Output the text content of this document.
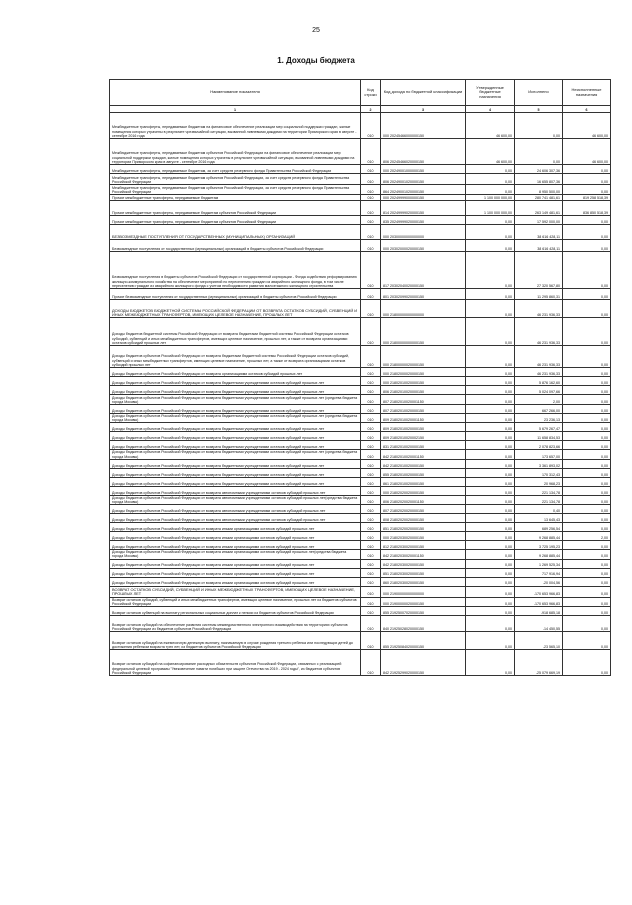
25
1. Доходы бюджета
Наименование показателя	Код строки	Код дохода по бюджетной классификации	Утвержденные бюджетные назначения	Исполнено	Неисполненные назначения
1	2	3	4	5	6
Межбюджетные трансферты, передаваемые бюджетам на финансовое обеспечение реализации мер социальной поддержки граждан, жилые помещения которых утрачены в результате чрезвычайной ситуации, вызванной ливневыми дождями на территории Приморского края в августе - сентябре 2016 года	010	000 20245466000000150	46 600,00	0,00	46 600,00
Межбюджетные трансферты, передаваемые бюджетам субъектов Российской Федерации на финансовое обеспечение реализации мер социальной поддержки граждан, жилые помещения которых утрачены в результате чрезвычайной ситуации, вызванной ливневыми дождями на территории Приморского края в августе - сентябре 2016 года	010	806 20245466020000150	46 600,00	0,00	46 600,00
Межбюджетные трансферты, передаваемые бюджетам, за счет средств резервного фонда Правительства Российской Федерации	010	000 20249001000000150	0,00	24 606 307,36	0,00
Межбюджетные трансферты, передаваемые бюджетам субъектов Российской Федерации, за счет средств резервного фонда Правительства Российской Федерации	010	806 20249001020000150	0,00	16 655 807,36	0,00
Межбюджетные трансферты, передаваемые бюджетам субъектов Российской Федерации, за счет средств резервного фонда Правительства Российской Федерации	010	864 20249001020000150	0,00	8 950 500,00	0,00
Прочие межбюджетные трансферты, передаваемые бюджетам	010	000 20249999000000150	1 100 000 000,00	280 741 481,61	819 258 518,39
Прочие межбюджетные трансферты, передаваемые бюджетам субъектов Российской Федерации	010	814 20249999020000150	1 100 000 000,00	263 149 481,61	836 850 518,39
Прочие межбюджетные трансферты, передаваемые бюджетам субъектов Российской Федерации	010	835 20249999020000150	0,00	17 592 000,00	0,00
БЕЗВОЗМЕЗДНЫЕ ПОСТУПЛЕНИЯ ОТ ГОСУДАРСТВЕННЫХ (МУНИЦИПАЛЬНЫХ) ОРГАНИЗАЦИЙ	010	000 20300000000000000	0,00	38 616 428,11	0,00
Безвозмездные поступления от государственных (муниципальных) организаций в бюджеты субъектов Российской Федерации	010	000 20302000020000150	0,00	38 616 428,11	0,00
Безвозмездные поступления в бюджеты субъектов Российской Федерации от государственной корпорации - Фонда содействия реформированию жилищно-коммунального хозяйства на обеспечение мероприятий по переселению граждан из аварийного жилищного фонда, в том числе переселению граждан из аварийного жилищного фонда с учетом необходимости развития малоэтажного жилищного строительства	010	817 20302040020000150	0,00	27 320 567,80	0,00
Прочие безвозмездные поступления от государственных (муниципальных) организаций в бюджеты субъектов Российской Федерации	010	801 20302099020000150	0,00	11 295 860,31	0,00
ДОХОДЫ БЮДЖЕТОВ БЮДЖЕТНОЙ СИСТЕМЫ РОССИЙСКОЙ ФЕДЕРАЦИИ ОТ ВОЗВРАТА ОСТАТКОВ СУБСИДИЙ, СУБВЕНЦИЙ И ИНЫХ МЕЖБЮДЖЕТНЫХ ТРАНСФЕРТОВ, ИМЕЮЩИХ ЦЕЛЕВОЕ НАЗНАЧЕНИЕ, ПРОШЛЫХ ЛЕТ	010	000 21800000000000000	0,00	46 231 936,33	0,00
Доходы бюджетов бюджетной системы Российской Федерации от возврата бюджетами бюджетной системы Российской Федерации остатков субсидий, субвенций и иных межбюджетных трансфертов, имеющих целевое назначение, прошлых лет, а также от возврата организациями остатков субсидий прошлых лет	010	000 21800000000000150	0,00	46 231 936,33	0,00
Доходы бюджетов субъектов Российской Федерации от возврата бюджетами бюджетной системы Российской Федерации остатков субсидий, субвенций и иных межбюджетных трансфертов, имеющих целевое назначение, прошлых лет, а также от возврата организациями остатков субсидий прошлых лет	010	000 21800000020000150	0,00	46 231 936,33	0,00
Доходы бюджетов субъектов Российской Федерации от возврата организациями остатков субсидий прошлых лет	010	000 21802000020000150	0,00	46 231 936,33	0,00
Доходы бюджетов субъектов Российской Федерации от возврата бюджетными учреждениями остатков субсидий прошлых лет	010	000 21802010020000150	0,00	5 876 162,60	0,00
Доходы бюджетов субъектов Российской Федерации от возврата бюджетными учреждениями остатков субсидий прошлых лет	010	806 21802010020000150	0,00	5 024 097,66	0,00
Доходы бюджетов субъектов Российской Федерации от возврата бюджетными учреждениями остатков субсидий прошлых лет (средства бюджета города Москвы)	010	807 21802010020001150	0,00	2,00	0,00
Доходы бюджетов субъектов Российской Федерации от возврата бюджетными учреждениями остатков субсидий прошлых лет	010	807 21802010020000150	0,00	667 266,00	0,00
Доходы бюджетов субъектов Российской Федерации от возврата бюджетными учреждениями остатков субсидий прошлых лет (средства бюджета города Москвы)	010	809 21802010020001150	0,00	23 236,13	0,00
Доходы бюджетов субъектов Российской Федерации от возврата бюджетными учреждениями остатков субсидий прошлых лет	010	809 21802010020000150	0,00	5 679 267,47	0,00
Доходы бюджетов субъектов Российской Федерации от возврата бюджетными учреждениями остатков субсидий прошлых лет	010	809 21802010020002150	0,00	11 658 834,53	0,00
Доходы бюджетов субъектов Российской Федерации от возврата бюджетными учреждениями остатков субсидий прошлых лет	010	831 21802010020000150	0,00	2 078 823,66	0,00
Доходы бюджетов субъектов Российской Федерации от возврата бюджетными учреждениями остатков субсидий прошлых лет (средства бюджета города Москвы)	010	842 21802010020001150	0,00	173 657,00	0,00
Доходы бюджетов субъектов Российской Федерации от возврата бюджетными учреждениями остатков субсидий прошлых лет	010	842 21802010020000150	0,00	3 361 893,02	0,00
Доходы бюджетов субъектов Российской Федерации от возврата бюджетными учреждениями остатков субсидий прошлых лет	010	855 21802010020000150	0,00	170 312,43	0,00
Доходы бюджетов субъектов Российской Федерации от возврата бюджетными учреждениями остатков субсидий прошлых лет	010	861 21802010020000150	0,00	20 968,23	0,00
Доходы бюджетов субъектов Российской Федерации от возврата автономными учреждениями остатков субсидий прошлых лет	010	000 21802020020000150	0,00	221 134,78	0,00
Доходы бюджетов субъектов Российской Федерации от возврата автономными учреждениями остатков субсидий прошлых лет(средства бюджета города Москвы)	010	806 21802020020001150	0,00	221 134,78	0,00
Доходы бюджетов субъектов Российской Федерации от возврата автономными учреждениями остатков субсидий прошлых лет	010	807 21802020020000150	0,00	0,40	0,00
Доходы бюджетов субъектов Российской Федерации от возврата автономными учреждениями остатков субсидий прошлых лет	010	808 21802020020000150	0,00	13 645,43	0,00
Доходы бюджетов субъектов Российской Федерации от возврата иными организациями остатков субсидий прошлых лет	010	851 21802020020000150	0,00	689 256,54	0,00
Доходы бюджетов субъектов Российской Федерации от возврата иными организациями остатков субсидий прошлых лет	010	000 21802030020000150	0,00	9 268 885,44	2,00
Доходы бюджетов субъектов Российской Федерации от возврата иными организациями остатков субсидий прошлых лет	010	812 21802030020000150	0,00	3 725 195,23	0,00
Доходы бюджетов субъектов Российской Федерации от возврата иными организациями остатков субсидий прошлых лет(средства бюджета города Москвы)	010	842 21802030020001150	0,00	9 268 885,44	0,00
Доходы бюджетов субъектов Российской Федерации от возврата иными организациями остатков субсидий прошлых лет	010	842 21802030020000150	0,00	1 269 525,34	0,00
Доходы бюджетов субъектов Российской Федерации от возврата иными организациями остатков субсидий прошлых лет	010	851 21802030020000150	0,00	717 916,94	0,00
Доходы бюджетов субъектов Российской Федерации от возврата иными организациями остатков субсидий прошлых лет	010	860 21802030020000150	0,00	-20 004,56	0,00
ВОЗВРАТ ОСТАТКОВ СУБСИДИЙ, СУБВЕНЦИЙ И ИНЫХ МЕЖБЮДЖЕТНЫХ ТРАНСФЕРТОВ, ИМЕЮЩИХ ЦЕЛЕВОЕ НАЗНАЧЕНИЕ, ПРОШЛЫХ ЛЕТ	010	000 21900000000000000	0,00	-170 653 966,83	0,00
Возврат остатков субсидий, субвенций и иных межбюджетных трансфертов, имеющих целевое назначение, прошлых лет из бюджетов субъектов Российской Федерации	010	000 21900000020000150	0,00	-170 653 966,83	0,00
Возврат остатков субвенций на выплату региональных социальных доплат к пенсии из бюджетов субъектов Российской Федерации	010	855 21925007020000150	0,00	-918 685,18	0,00
Возврат остатков субсидий на обеспечение развития системы межведомственного электронного взаимодействия на территориях субъектов Российской Федерации из бюджетов субъектов Российской Федерации	010	840 21925028020000150	0,00	-14 450,55	0,00
Возврат остатков субсидий на ежемесячную денежную выплату, назначаемую в случае рождения третьего ребенка или последующих детей до достижения ребенком возраста трех лет, из бюджетов субъектов Российской Федерации	010	855 21925084020000150	0,00	-23 565,10	0,00
Возврат остатков субсидий на софинансирование расходных обязательств субъектов Российской Федерации, связанных с реализацией федеральной целевой программы "Увековечение памяти погибших при защите Отечества на 2019 - 2024 годы", из бюджетов субъектов Российской Федерации	010	842 21925299020000150	0,00	-25 079 669,19	0,00
